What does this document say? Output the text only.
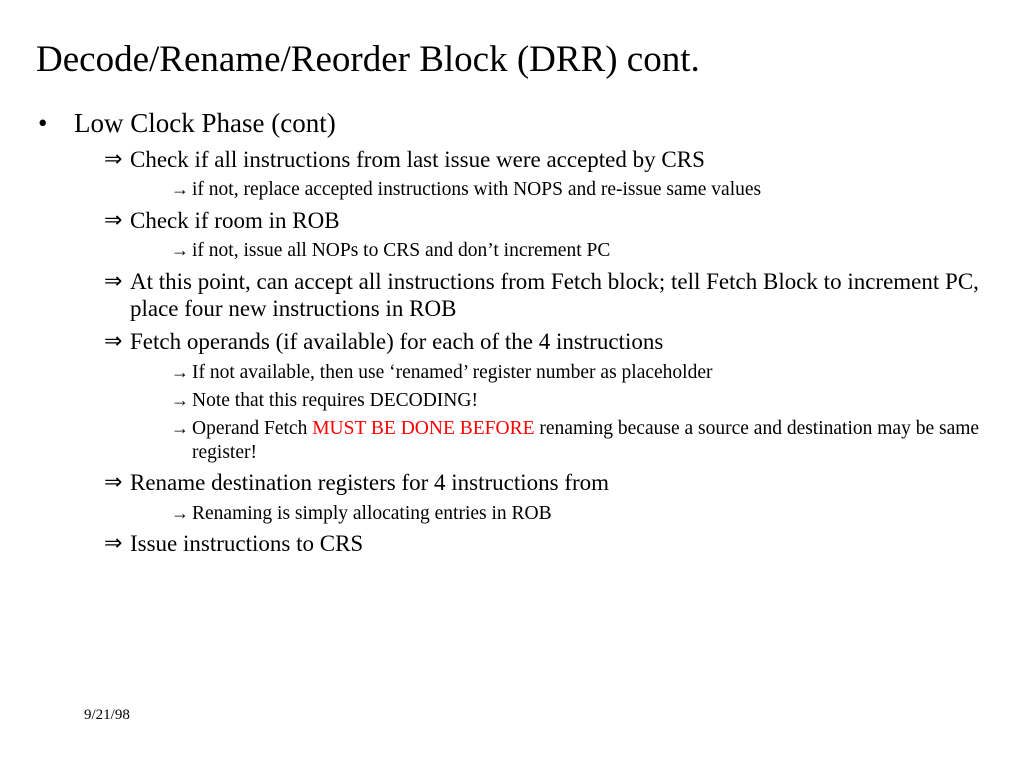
Decode/Rename/Reorder Block (DRR) cont.
• Low Clock Phase (cont)
⇒ Check if all instructions from last issue were accepted by CRS
→ if not, replace accepted instructions with NOPS and re-issue same values
⇒ Check if room in ROB
→ if not, issue all NOPs to CRS and don’t increment PC
⇒ At this point, can accept all instructions from Fetch block; tell Fetch Block to increment PC, place four new instructions in ROB
⇒ Fetch operands (if available) for each of the 4 instructions
→ If not available, then use ‘renamed’ register number as placeholder
→ Note that this requires DECODING!
→ Operand Fetch MUST BE DONE BEFORE renaming because a source and destination may be same register!
⇒ Rename destination registers for 4 instructions from
→ Renaming is simply allocating entries in ROB
⇒ Issue instructions to CRS
9/21/98
